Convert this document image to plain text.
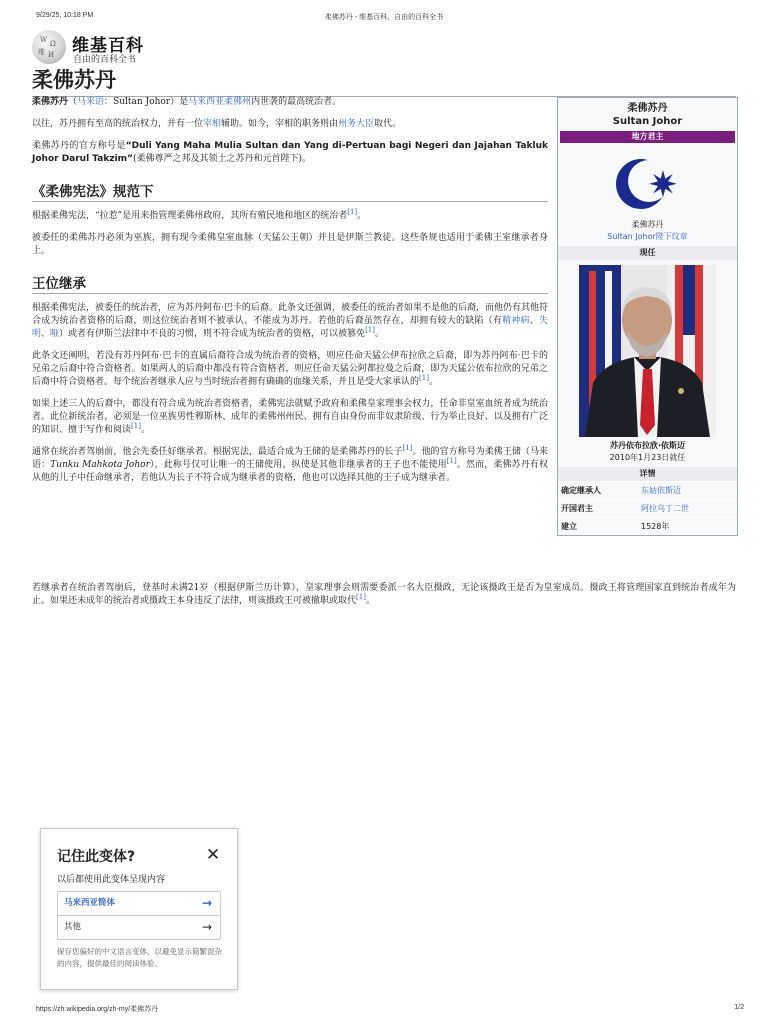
9/29/25, 10:18 PM	柔佛苏丹 - 维基百科，自由的百科全书
W Ω
维 И 维基百科
自由的百科全书
柔佛苏丹

柔佛苏丹（马来语：Sultan Johor）是马来西亚柔佛州内世袭的最高统治者。

以往，苏丹拥有至高的统治权力，并有一位宰相辅助。如今，宰相的职务则由州务大臣取代。

柔佛苏丹的官方称号是“Duli Yang Maha Mulia Sultan dan Yang di-Pertuan bagi Negeri dan Jajahan Takluk Johor Darul Takzim”(柔佛尊严之邦及其领土之苏丹和元首陛下)。

《柔佛宪法》规范下

根据柔佛宪法，“拉惹”是用来指管理柔佛州政府，其所有殖民地和地区的统治者[1]。

被委任的柔佛苏丹必须为巫族，拥有现今柔佛皇室血脉（天猛公王朝）并且是伊斯兰教徒。这些条规也适用于柔佛王室继承者身上。

王位继承

根据柔佛宪法，被委任的统治者，应为苏丹阿布·巴卡的后裔。此条文还强调，被委任的统治者如果不是他的后裔，而他仍有其他符合成为统治者资格的后裔，则这位统治者则不被承认、不能成为苏丹。若他的后裔虽然存在，却拥有较大的缺陷（有精神病、失明、哑）或者有伊斯兰法律中不良的习惯，则不符合成为统治者的资格，可以被篡免[1]。

此条文还阐明，若没有苏丹阿布·巴卡的直属后裔符合成为统治者的资格，则应任命天猛公伊布拉欣之后裔，即为苏丹阿布·巴卡的兄弟之后裔中符合资格者。如果两人的后裔中都没有符合资格者，则应任命天猛公阿都拉曼之后裔，即为天猛公依布拉欣的兄弟之后裔中符合资格者。每个统治者继承人应与当时统治者拥有确确的血缘关系，并且是受大家承认的[1]。

如果上述三人的后裔中，都没有符合成为统治者资格者，柔佛宪法就赋予政府和柔佛皇家理事会权力，任命非皇室血统者成为统治者。此位新统治者，必须是一位巫族男性穆斯林、成年的柔佛州州民、拥有自由身份而非奴隶阶级、行为举止良好、以及拥有广泛的知识、擅于写作和阅读[1]。

通常在统治者驾崩前，他会先委任好继承者。根据宪法，最适合成为王储的是柔佛苏丹的长子[1]。他的官方称号为柔佛王储（马来语：Tunku Mahkota Johor），此称号仅可让唯一的王储使用，纵使是其他非继承者的王子也不能使用[1]。然而，柔佛苏丹有权从他的儿子中任命继承者，若他认为长子不符合成为继承者的资格，他也可以选择其他的王子成为继承者。

若继承者在统治者驾崩后，登基时未满21岁（根据伊斯兰历计算），皇家理事会则需要委派一名大臣摄政，无论该摄政王是否为皇室成员。摄政王将管理国家直到统治者成年为止。如果还未成年的统治者或摄政王本身违反了法律，则该摄政王可被撤职或取代[1]。

柔佛苏丹
Sultan Johor
地方君主
柔佛苏丹
Sultan Johor陛下纹章
现任
苏丹依布拉欣·依斯迈
2010年1月23日就任
详情
确定继承人	东姑依斯迈
开国君主	阿拉乌丁二世
建立	1528年
记住此变体?	✕
以后都使用此变体呈现内容
马来西亚简体	→
其他	→
保存您偏好的中文语言变体，以避免显示简繁混杂的内容，提供最佳的阅读体验。
https://zh.wikipedia.org/zh-my/柔佛苏丹	1/2
